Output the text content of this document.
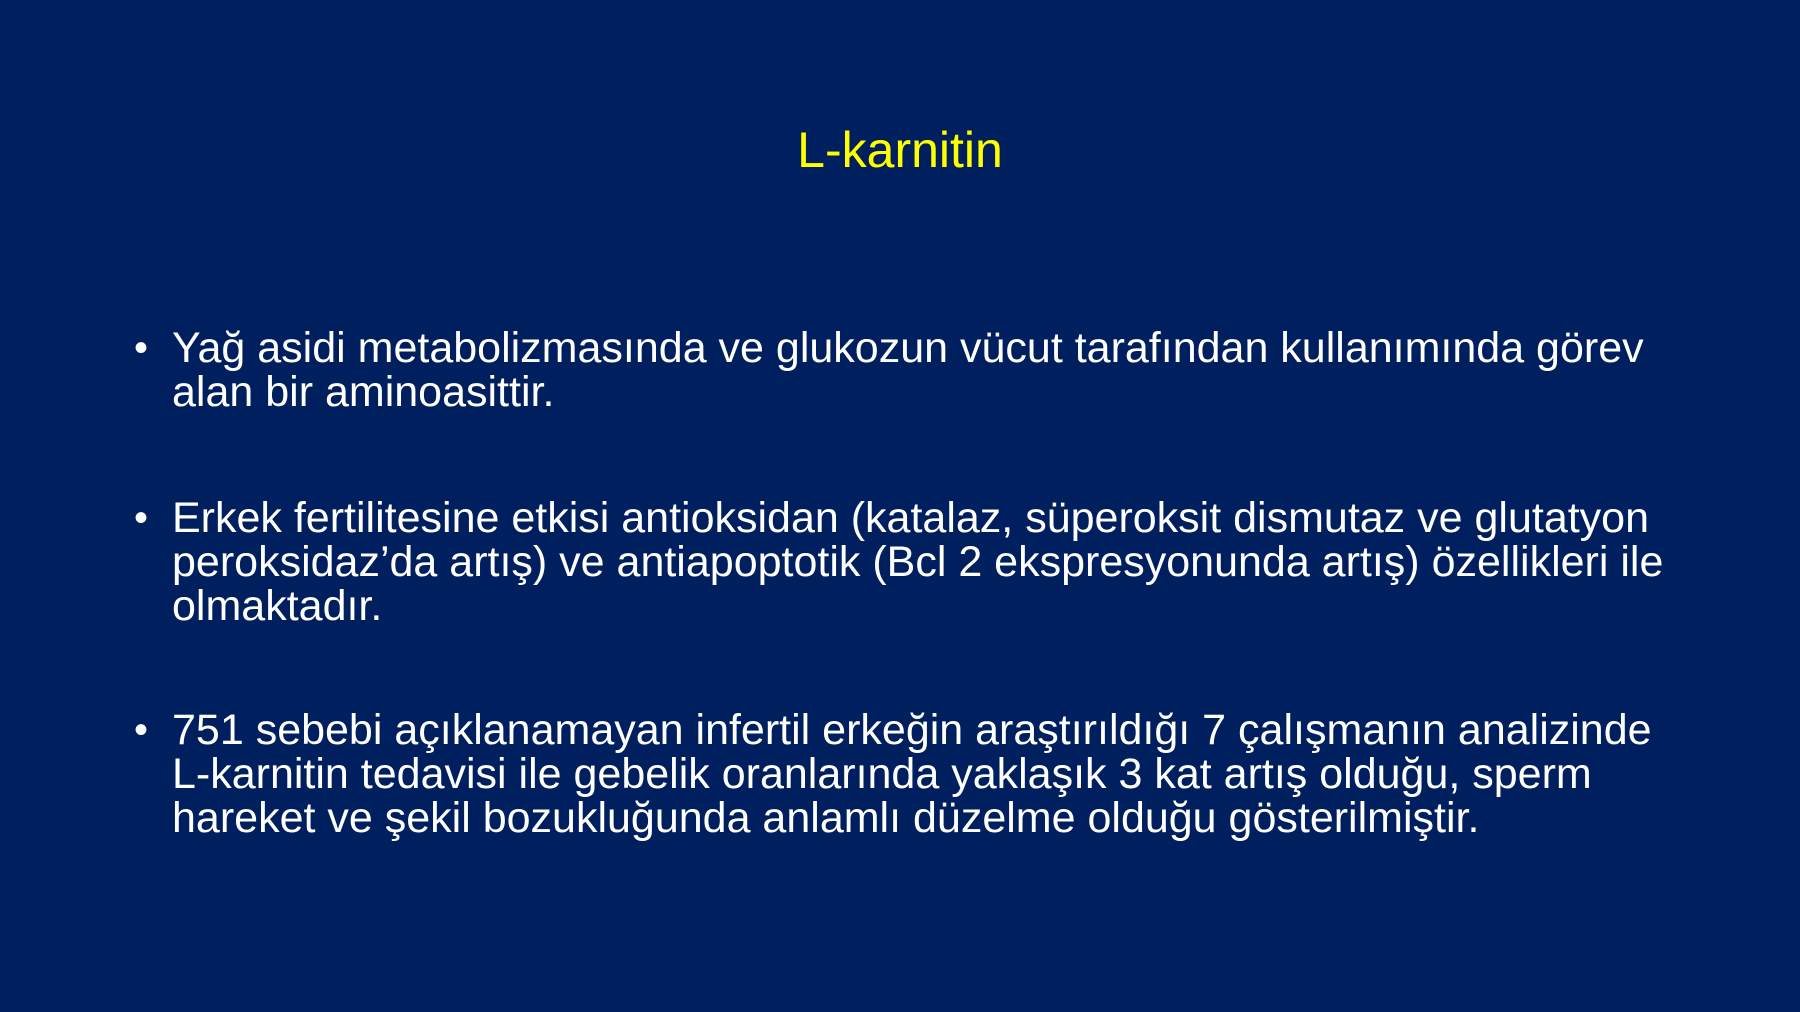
L-karnitin
• Yağ asidi metabolizmasında ve glukozun vücut tarafından kullanımında görev alan bir aminoasittir.
• Erkek fertilitesine etkisi antioksidan (katalaz, süperoksit dismutaz ve glutatyon peroksidaz’da artış) ve antiapoptotik (Bcl 2 ekspresyonunda artış) özellikleri ile olmaktadır.
• 751 sebebi açıklanamayan infertil erkeğin araştırıldığı 7 çalışmanın analizinde L-karnitin tedavisi ile gebelik oranlarında yaklaşık 3 kat artış olduğu, sperm hareket ve şekil bozukluğunda anlamlı düzelme olduğu gösterilmiştir.
